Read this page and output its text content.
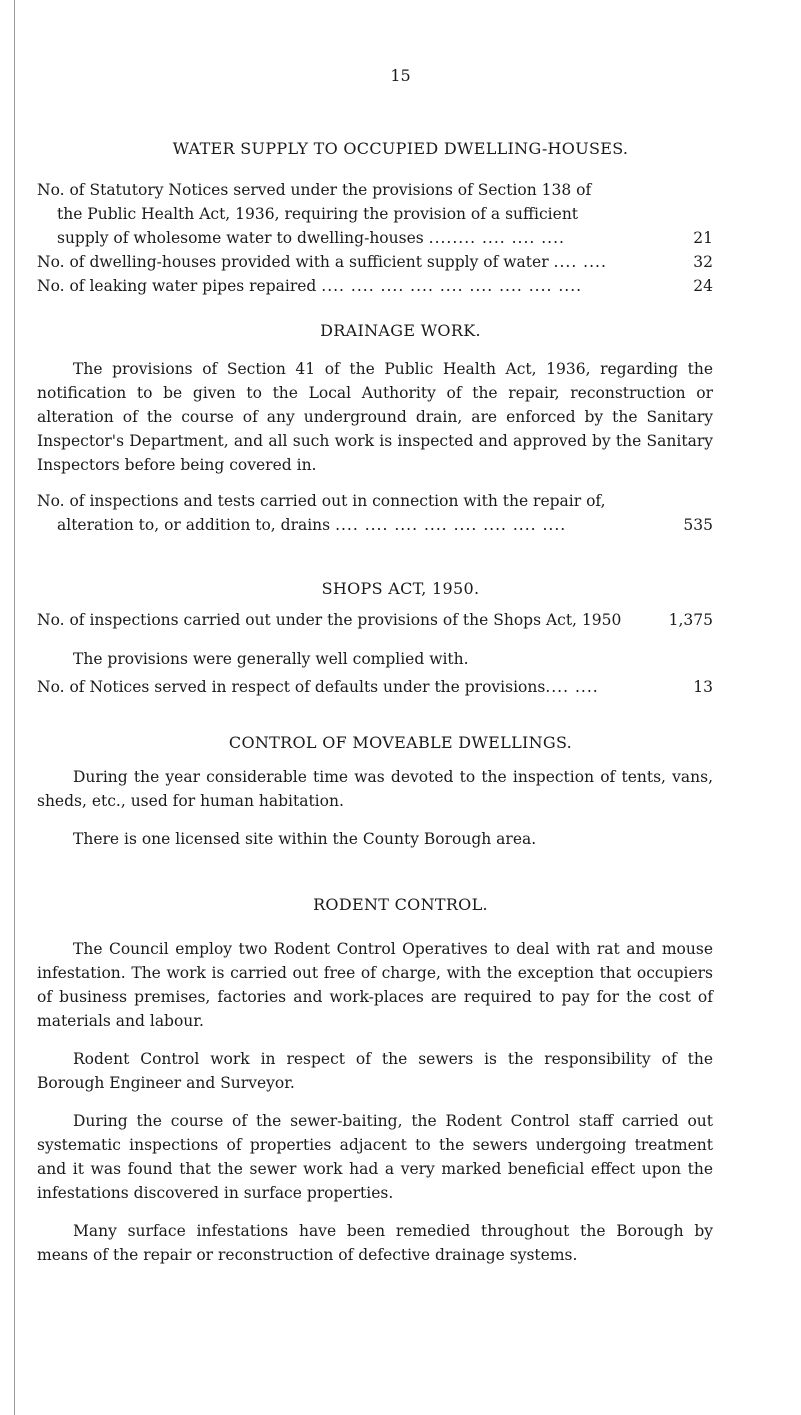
15
WATER SUPPLY TO OCCUPIED DWELLING-HOUSES.
No. of Statutory Notices served under the provisions of Section 138 of
the Public Health Act, 1936, requiring the provision of a sufficient
supply of wholesome water to dwelling-houses ........ .... .... ....	21
No. of dwelling-houses provided with a sufficient supply of water .... ....	32
No. of leaking water pipes repaired .... .... .... .... .... .... .... .... ....	24
DRAINAGE WORK.

The provisions of Section 41 of the Public Health Act, 1936, regarding the notification to be given to the Local Authority of the repair, reconstruction or alteration of the course of any underground drain, are enforced by the Sanitary Inspector's Department, and all such work is inspected and approved by the Sanitary Inspectors before being covered in.

No. of inspections and tests carried out in connection with the repair of,
alteration to, or addition to, drains .... .... .... .... .... .... .... ....	535
SHOPS ACT, 1950.
No. of inspections carried out under the provisions of the Shops Act, 1950	1,375

The provisions were generally well complied with.

No. of Notices served in respect of defaults under the provisions.... ....	13
CONTROL OF MOVEABLE DWELLINGS.

During the year considerable time was devoted to the inspection of tents, vans, sheds, etc., used for human habitation.

There is one licensed site within the County Borough area.

RODENT CONTROL.

The Council employ two Rodent Control Operatives to deal with rat and mouse infestation. The work is carried out free of charge, with the exception that occupiers of business premises, factories and work-places are required to pay for the cost of materials and labour.

Rodent Control work in respect of the sewers is the responsibility of the Borough Engineer and Surveyor.

During the course of the sewer-baiting, the Rodent Control staff carried out systematic inspections of properties adjacent to the sewers undergoing treatment and it was found that the sewer work had a very marked beneficial effect upon the infestations discovered in surface properties.

Many surface infestations have been remedied throughout the Borough by means of the repair or reconstruction of defective drainage systems.
